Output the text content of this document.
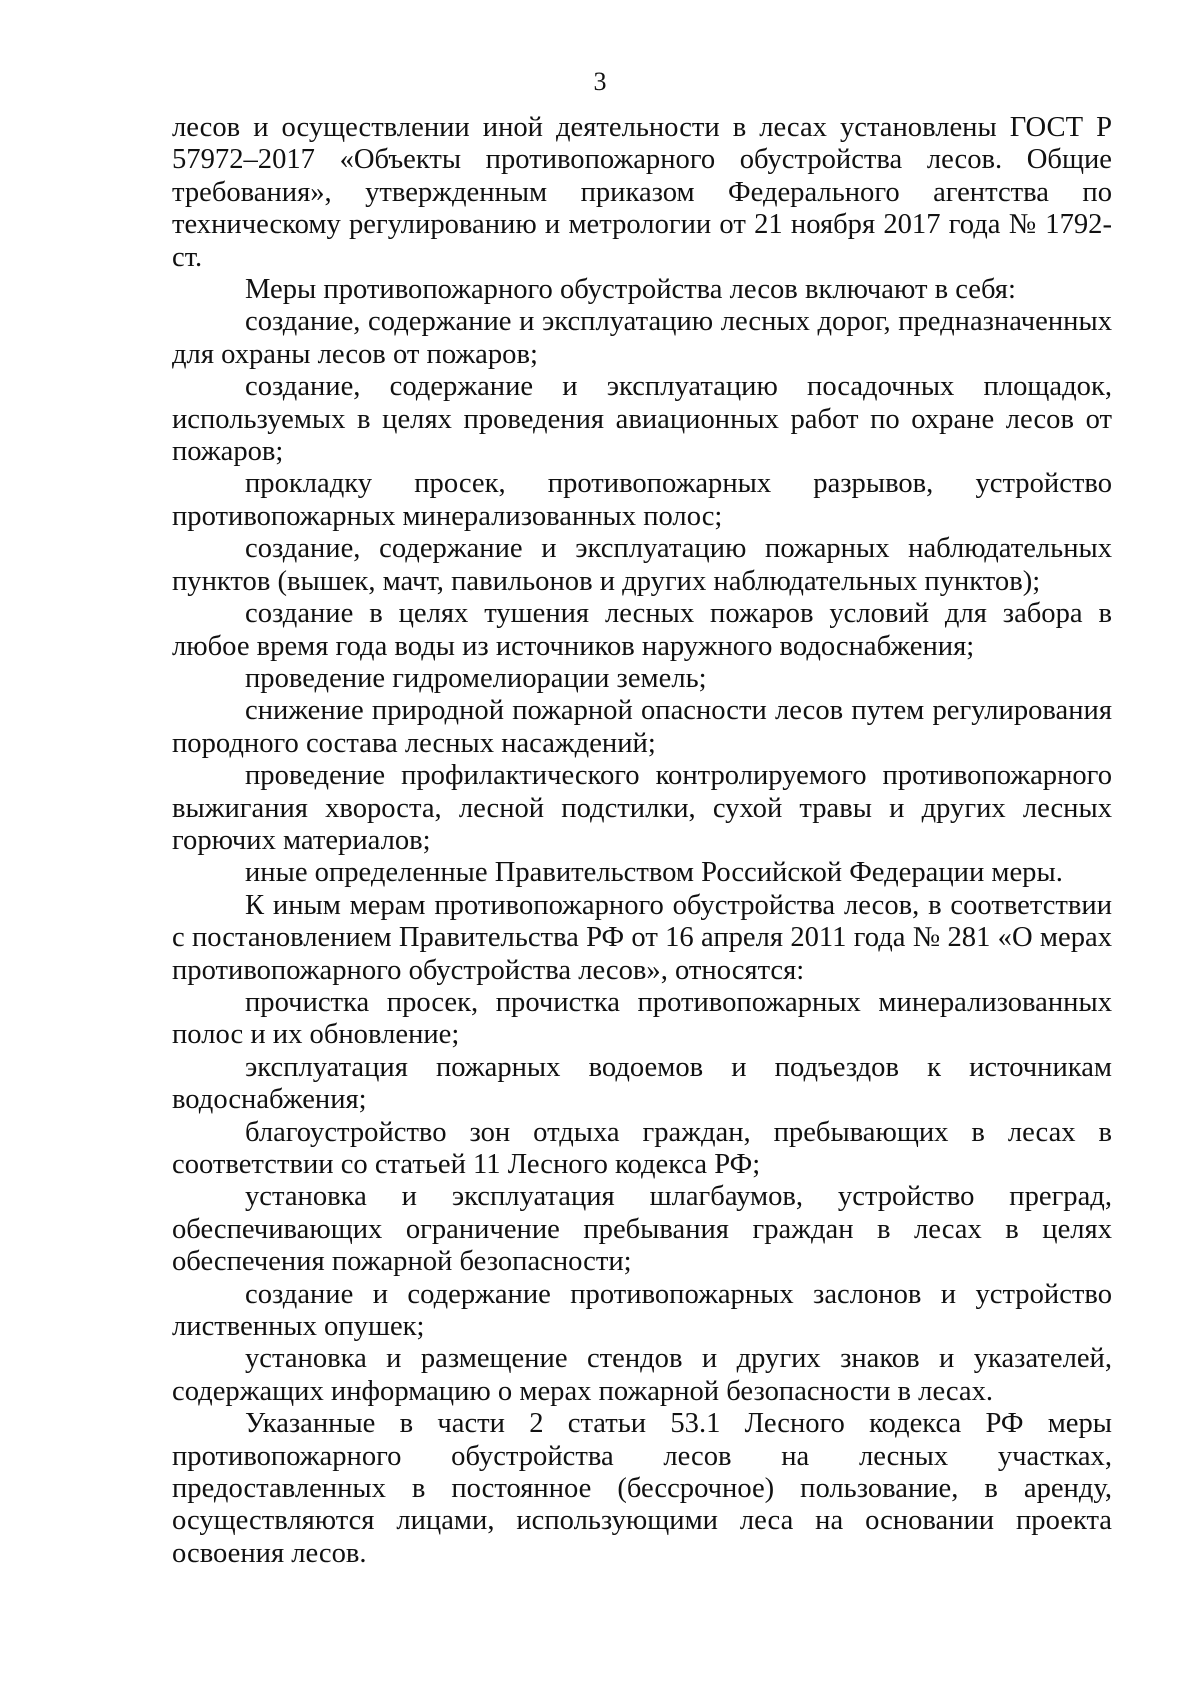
3

лесов и осуществлении иной деятельности в лесах установлены ГОСТ Р 57972–2017 «Объекты противопожарного обустройства лесов. Общие требования», утвержденным приказом Федерального агентства по техническому регулированию и метрологии от 21 ноября 2017 года № 1792-ст.

Меры противопожарного обустройства лесов включают в себя:

создание, содержание и эксплуатацию лесных дорог, предназначенных для охраны лесов от пожаров;

создание, содержание и эксплуатацию посадочных площадок, используемых в целях проведения авиационных работ по охране лесов от пожаров;

прокладку просек, противопожарных разрывов, устройство противопожарных минерализованных полос;

создание, содержание и эксплуатацию пожарных наблюдательных пунктов (вышек, мачт, павильонов и других наблюдательных пунктов);

создание в целях тушения лесных пожаров условий для забора в любое время года воды из источников наружного водоснабжения;

проведение гидромелиорации земель;

снижение природной пожарной опасности лесов путем регулирования породного состава лесных насаждений;

проведение профилактического контролируемого противопожарного выжигания хвороста, лесной подстилки, сухой травы и других лесных горючих материалов;

иные определенные Правительством Российской Федерации меры.

К иным мерам противопожарного обустройства лесов, в соответствии с постановлением Правительства РФ от 16 апреля 2011 года № 281 «О мерах противопожарного обустройства лесов», относятся:

прочистка просек, прочистка противопожарных минерализованных полос и их обновление;

эксплуатация пожарных водоемов и подъездов к источникам водоснабжения;

благоустройство зон отдыха граждан, пребывающих в лесах в соответствии со статьей 11 Лесного кодекса РФ;

установка и эксплуатация шлагбаумов, устройство преград, обеспечивающих ограничение пребывания граждан в лесах в целях обеспечения пожарной безопасности;

создание и содержание противопожарных заслонов и устройство лиственных опушек;

установка и размещение стендов и других знаков и указателей, содержащих информацию о мерах пожарной безопасности в лесах.

Указанные в части 2 статьи 53.1 Лесного кодекса РФ меры противопожарного обустройства лесов на лесных участках, предоставленных в постоянное (бессрочное) пользование, в аренду, осуществляются лицами, использующими леса на основании проекта освоения лесов.
